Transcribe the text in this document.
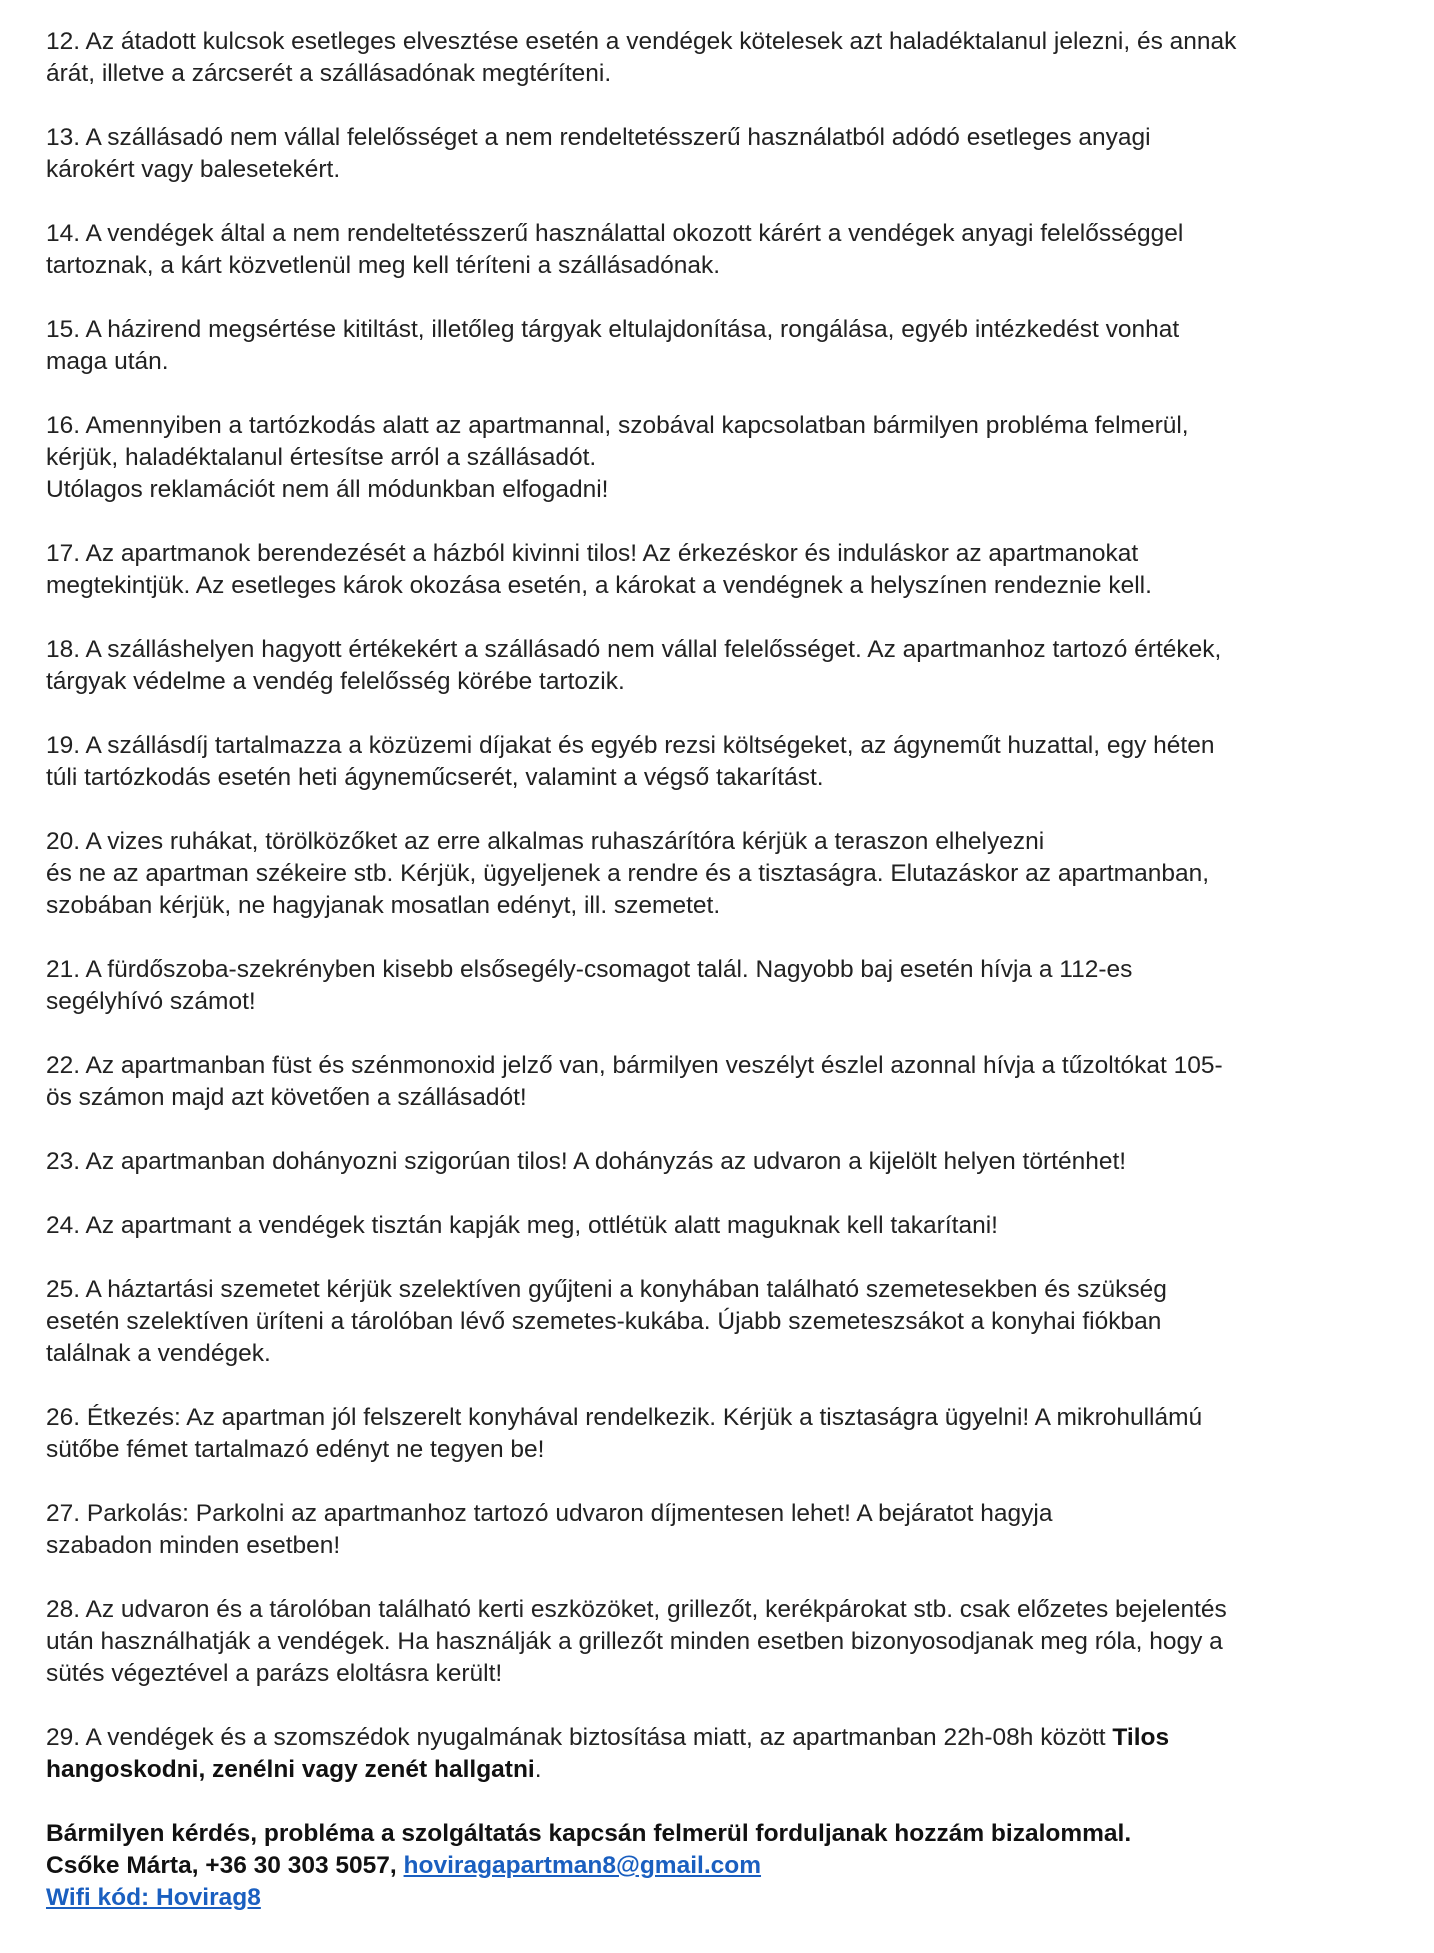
12. Az átadott kulcsok esetleges elvesztése esetén a vendégek kötelesek azt haladéktalanul jelezni, és annak
árát, illetve a zárcserét a szállásadónak megtéríteni.

13. A szállásadó nem vállal felelősséget a nem rendeltetésszerű használatból adódó esetleges anyagi
károkért vagy balesetekért.

14. A vendégek által a nem rendeltetésszerű használattal okozott kárért a vendégek anyagi felelősséggel
tartoznak, a kárt közvetlenül meg kell téríteni a szállásadónak.

15. A házirend megsértése kitiltást, illetőleg tárgyak eltulajdonítása, rongálása, egyéb intézkedést vonhat
maga után.

16. Amennyiben a tartózkodás alatt az apartmannal, szobával kapcsolatban bármilyen probléma felmerül,
kérjük, haladéktalanul értesítse arról a szállásadót.
Utólagos reklamációt nem áll módunkban elfogadni!

17. Az apartmanok berendezését a házból kivinni tilos! Az érkezéskor és induláskor az apartmanokat
megtekintjük. Az esetleges károk okozása esetén, a károkat a vendégnek a helyszínen rendeznie kell.

18. A szálláshelyen hagyott értékekért a szállásadó nem vállal felelősséget. Az apartmanhoz tartozó értékek,
tárgyak védelme a vendég felelősség körébe tartozik.

19. A szállásdíj tartalmazza a közüzemi díjakat és egyéb rezsi költségeket, az ágyneműt huzattal, egy héten
túli tartózkodás esetén heti ágyneműcserét, valamint a végső takarítást.

20. A vizes ruhákat, törölközőket az erre alkalmas ruhaszárítóra kérjük a teraszon elhelyezni
és ne az apartman székeire stb. Kérjük, ügyeljenek a rendre és a tisztaságra. Elutazáskor az apartmanban,
szobában kérjük, ne hagyjanak mosatlan edényt, ill. szemetet.

21. A fürdőszoba-szekrényben kisebb elsősegély-csomagot talál. Nagyobb baj esetén hívja a 112-es
segélyhívó számot!

22. Az apartmanban füst és szénmonoxid jelző van, bármilyen veszélyt észlel azonnal hívja a tűzoltókat 105-
ös számon majd azt követően a szállásadót!

23. Az apartmanban dohányozni szigorúan tilos! A dohányzás az udvaron a kijelölt helyen történhet!

24. Az apartmant a vendégek tisztán kapják meg, ottlétük alatt maguknak kell takarítani!

25. A háztartási szemetet kérjük szelektíven gyűjteni a konyhában található szemetesekben és szükség
esetén szelektíven üríteni a tárolóban lévő szemetes-kukába. Újabb szemeteszsákot a konyhai fiókban
találnak a vendégek.

26. Étkezés: Az apartman jól felszerelt konyhával rendelkezik. Kérjük a tisztaságra ügyelni! A mikrohullámú
sütőbe fémet tartalmazó edényt ne tegyen be!

27. Parkolás: Parkolni az apartmanhoz tartozó udvaron díjmentesen lehet! A bejáratot hagyja
szabadon minden esetben!

28. Az udvaron és a tárolóban található kerti eszközöket, grillezőt, kerékpárokat stb. csak előzetes bejelentés
után használhatják a vendégek. Ha használják a grillezőt minden esetben bizonyosodjanak meg róla, hogy a
sütés végeztével a parázs eloltásra került!

29. A vendégek és a szomszédok nyugalmának biztosítása miatt, az apartmanban 22h-08h között Tilos
hangoskodni, zenélni vagy zenét hallgatni.

Bármilyen kérdés, probléma a szolgáltatás kapcsán felmerül forduljanak hozzám bizalommal.
Csőke Márta, +36 30 303 5057, hoviragapartman8@gmail.com
Wifi kód: Hovirag8
